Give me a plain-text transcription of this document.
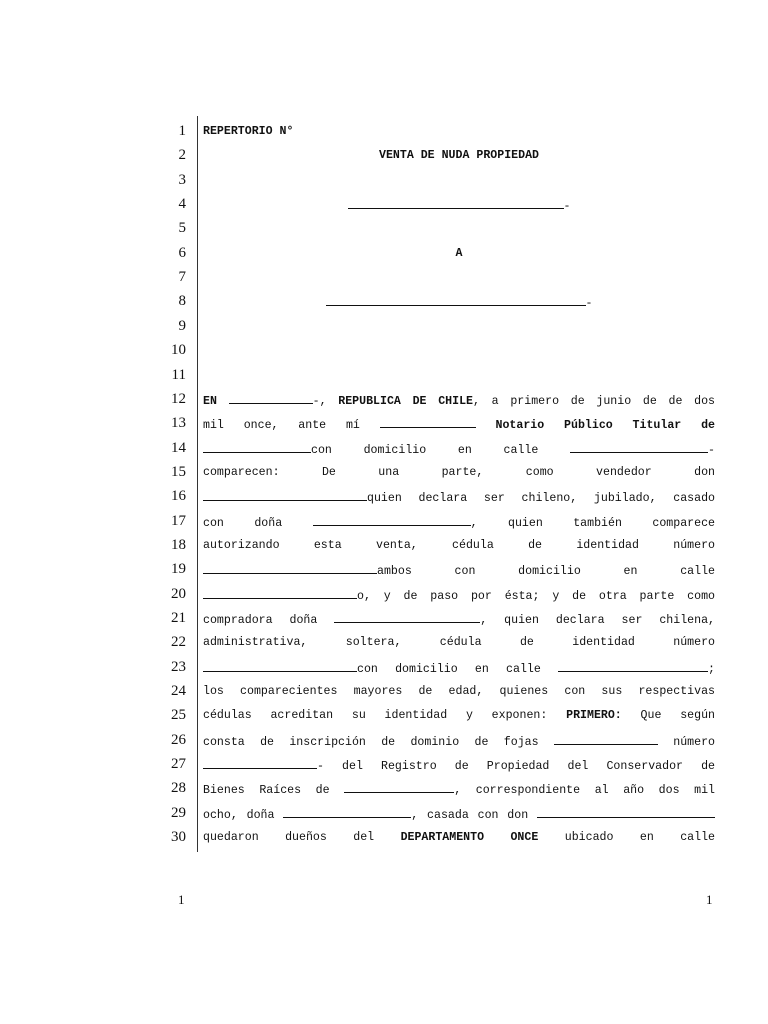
1 REPERTORIO N°
2	VENTA DE NUDA PROPIEDAD
3
4	-
5
6	A
7
8	-
9
10
11
12 EN	-, REPUBLICA DE CHILE, a primero de junio de de dos
13 mil once, ante mí	Notario Público Titular de
14	con domicilio en calle	-
15 comparecen: De una parte, como vendedor don
16	quien declara ser chileno, jubilado, casado
17 con doña	, quien también comparece
18 autorizando esta venta, cédula de identidad número
19	ambos con domicilio en calle
20	o, y de paso por ésta; y de otra parte como
21 compradora doña	, quien declara ser chilena,
22 administrativa, soltera, cédula de identidad número
23	con domicilio en calle	;
24 los comparecientes mayores de edad, quienes con sus respectivas
25 cédulas acreditan su identidad y exponen: PRIMERO: Que según
26 consta de inscripción de dominio de fojas	número
27	- del Registro de Propiedad del Conservador de
28 Bienes Raíces de	, correspondiente al año dos mil
29 ocho, doña	, casada con don
30 quedaron dueños del DEPARTAMENTO ONCE ubicado en calle
1	1
